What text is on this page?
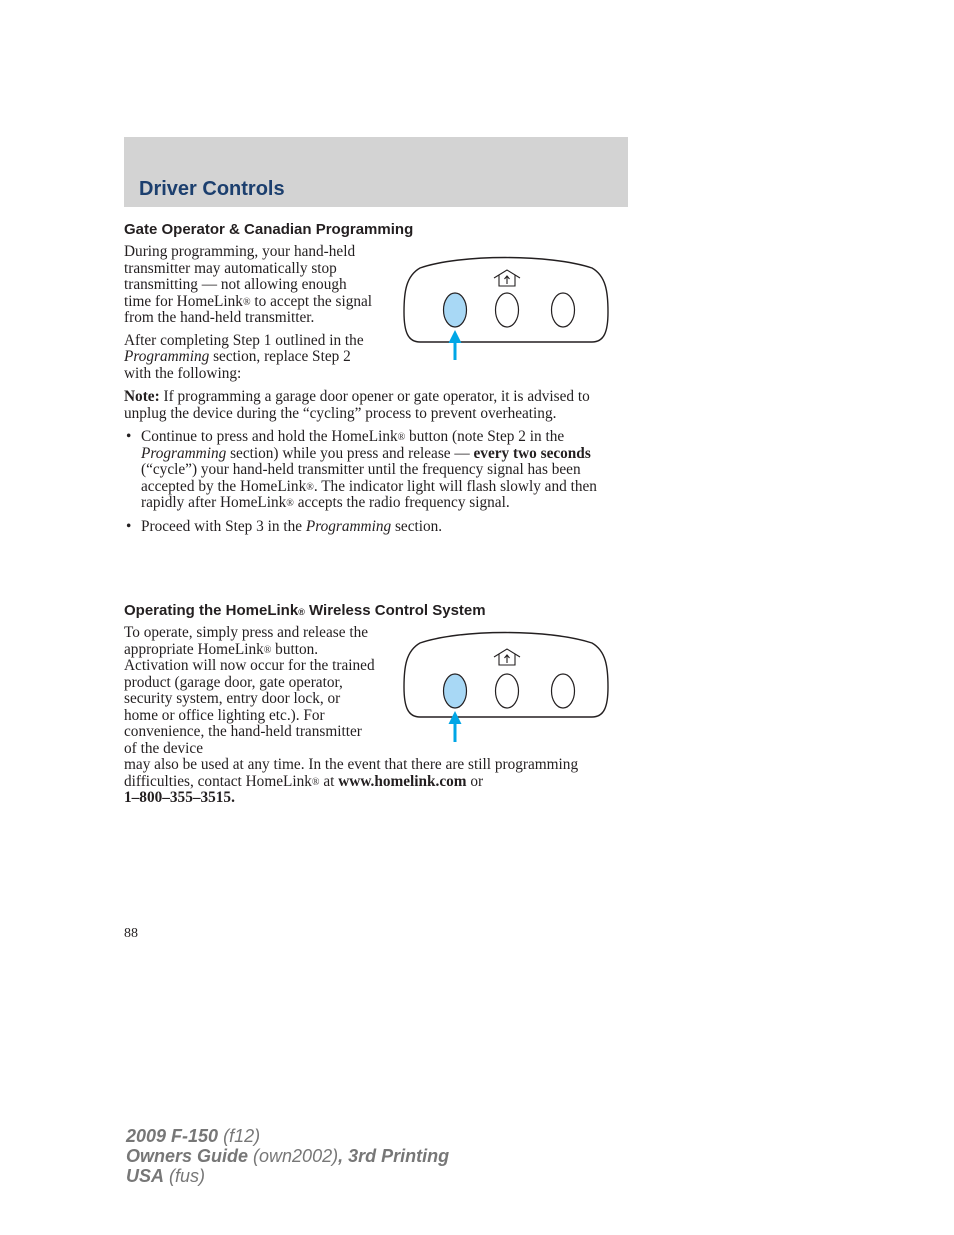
Driver Controls
Gate Operator & Canadian Programming

During programming, your hand-held transmitter may automatically stop transmitting — not allowing enough time for HomeLink® to accept the signal from the hand-held transmitter.

After completing Step 1 outlined in the Programming section, replace Step 2 with the following:

Note: If programming a garage door opener or gate operator, it is advised to unplug the device during the “cycling” process to prevent overheating.

• Continue to press and hold the HomeLink® button (note Step 2 in the Programming section) while you press and release — every two seconds (“cycle”) your hand-held transmitter until the frequency signal has been accepted by the HomeLink®. The indicator light will flash slowly and then rapidly after HomeLink® accepts the radio frequency signal.
• Proceed with Step 3 in the Programming section.
Operating the HomeLink® Wireless Control System

To operate, simply press and release the appropriate HomeLink® button. Activation will now occur for the trained product (garage door, gate operator, security system, entry door lock, or home or office lighting etc.). For convenience, the hand-held transmitter of the device

may also be used at any time. In the event that there are still programming difficulties, contact HomeLink® at www.homelink.com or
1–800–355–3515.

88
2009 F-150 (f12)
Owners Guide (own2002), 3rd Printing
USA (fus)
